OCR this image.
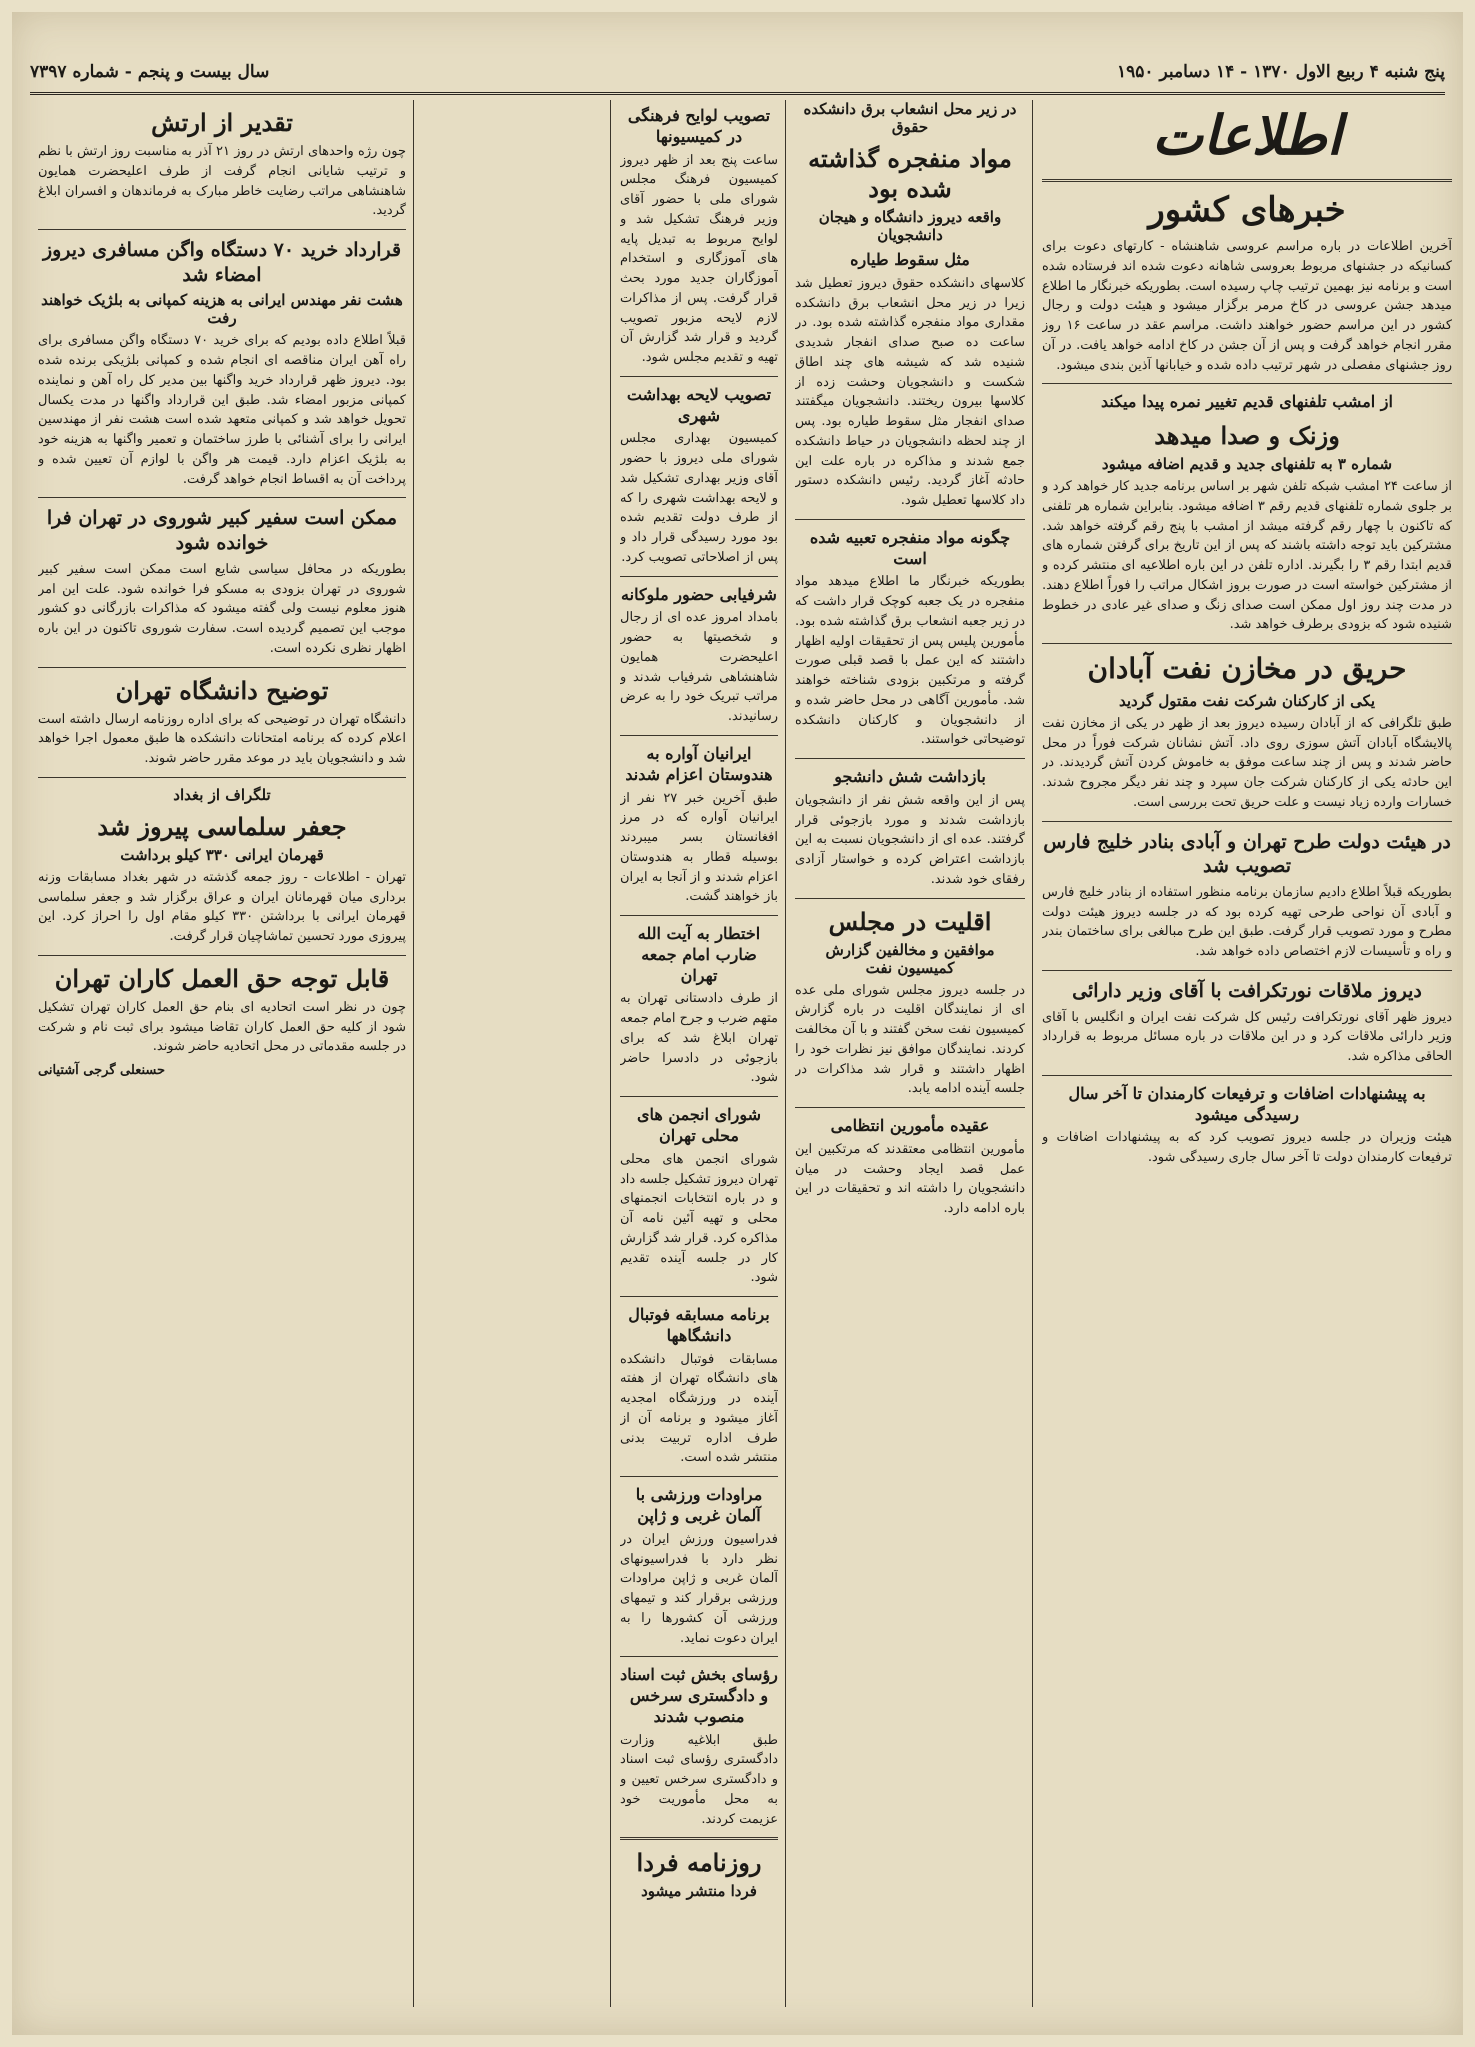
پنج شنبه ۴ ربیع الاول ۱۳۷۰ - ۱۴ دسامبر ۱۹۵۰
سال بیست و پنجم - شماره ۷۳۹۷
اطلاعات
خبرهای کشور

آخرین اطلاعات در باره مراسم عروسی شاهنشاه - کارتهای دعوت برای کسانیکه در جشنهای مربوط بعروسی شاهانه دعوت شده اند فرستاده شده است و برنامه نیز بهمین ترتیب چاپ رسیده است. بطوریکه خبرنگار ما اطلاع میدهد جشن عروسی در کاخ مرمر برگزار میشود و هیئت دولت و رجال کشور در این مراسم حضور خواهند داشت. مراسم عقد در ساعت ۱۶ روز مقرر انجام خواهد گرفت و پس از آن جشن در کاخ ادامه خواهد یافت. در آن روز جشنهای مفصلی در شهر ترتیب داده شده و خیابانها آذین بندی میشود.

از امشب تلفنهای قدیم تغییر نمره پیدا میکند
وزنک و صدا میدهد
شماره ۳ به تلفنهای جدید و قدیم اضافه میشود

از ساعت ۲۴ امشب شبکه تلفن شهر بر اساس برنامه جدید کار خواهد کرد و بر جلوی شماره تلفنهای قدیم رقم ۳ اضافه میشود. بنابراین شماره هر تلفنی که تاکنون با چهار رقم گرفته میشد از امشب با پنج رقم گرفته خواهد شد. مشترکین باید توجه داشته باشند که پس از این تاریخ برای گرفتن شماره های قدیم ابتدا رقم ۳ را بگیرند. اداره تلفن در این باره اطلاعیه ای منتشر کرده و از مشترکین خواسته است در صورت بروز اشکال مراتب را فوراً اطلاع دهند. در مدت چند روز اول ممکن است صدای زنگ و صدای غیر عادی در خطوط شنیده شود که بزودی برطرف خواهد شد.

حریق در مخازن نفت آبادان
یکی از کارکنان شرکت نفت مقتول گردید

طبق تلگرافی که از آبادان رسیده دیروز بعد از ظهر در یکی از مخازن نفت پالایشگاه آبادان آتش سوزی روی داد. آتش نشانان شرکت فوراً در محل حاضر شدند و پس از چند ساعت موفق به خاموش کردن آتش گردیدند. در این حادثه یکی از کارکنان شرکت جان سپرد و چند نفر دیگر مجروح شدند. خسارات وارده زیاد نیست و علت حریق تحت بررسی است.

در هیئت دولت طرح تهران و آبادی بنادر خلیج فارس تصویب شد

بطوریکه قبلاً اطلاع دادیم سازمان برنامه منظور استفاده از بنادر خلیج فارس و آبادی آن نواحی طرحی تهیه کرده بود که در جلسه دیروز هیئت دولت مطرح و مورد تصویب قرار گرفت. طبق این طرح مبالغی برای ساختمان بندر و راه و تأسیسات لازم اختصاص داده خواهد شد.

دیروز ملاقات نورتکرافت با آقای وزیر دارائی

دیروز ظهر آقای نورتکرافت رئیس کل شرکت نفت ایران و انگلیس با آقای وزیر دارائی ملاقات کرد و در این ملاقات در باره مسائل مربوط به قرارداد الحاقی مذاکره شد.

به پیشنهادات اضافات و ترفیعات کارمندان تا آخر سال رسیدگی میشود

هیئت وزیران در جلسه دیروز تصویب کرد که به پیشنهادات اضافات و ترفیعات کارمندان دولت تا آخر سال جاری رسیدگی شود.

در زیر محل انشعاب برق دانشکده حقوق
مواد منفجره گذاشته شده بود
واقعه دیروز دانشگاه و هیجان دانشجویان
مثل سقوط طیاره

کلاسهای دانشکده حقوق دیروز تعطیل شد زیرا در زیر محل انشعاب برق دانشکده مقداری مواد منفجره گذاشته شده بود. در ساعت ده صبح صدای انفجار شدیدی شنیده شد که شیشه های چند اطاق شکست و دانشجویان وحشت زده از کلاسها بیرون ریختند. دانشجویان میگفتند صدای انفجار مثل سقوط طیاره بود. پس از چند لحظه دانشجویان در حیاط دانشکده جمع شدند و مذاکره در باره علت این حادثه آغاز گردید. رئیس دانشکده دستور داد کلاسها تعطیل شود.

چگونه مواد منفجره تعبیه شده است

بطوریکه خبرنگار ما اطلاع میدهد مواد منفجره در یک جعبه کوچک قرار داشت که در زیر جعبه انشعاب برق گذاشته شده بود. مأمورین پلیس پس از تحقیقات اولیه اظهار داشتند که این عمل با قصد قبلی صورت گرفته و مرتکبین بزودی شناخته خواهند شد. مأمورین آگاهی در محل حاضر شده و از دانشجویان و کارکنان دانشکده توضیحاتی خواستند.

بازداشت شش دانشجو

پس از این واقعه شش نفر از دانشجویان بازداشت شدند و مورد بازجوئی قرار گرفتند. عده ای از دانشجویان نسبت به این بازداشت اعتراض کرده و خواستار آزادی رفقای خود شدند.

اقلیت در مجلس
موافقین و مخالفین گزارش کمیسیون نفت

در جلسه دیروز مجلس شورای ملی عده ای از نمایندگان اقلیت در باره گزارش کمیسیون نفت سخن گفتند و با آن مخالفت کردند. نمایندگان موافق نیز نظرات خود را اظهار داشتند و قرار شد مذاکرات در جلسه آینده ادامه یابد.

عقیده مأمورین انتظامی

مأمورین انتظامی معتقدند که مرتکبین این عمل قصد ایجاد وحشت در میان دانشجویان را داشته اند و تحقیقات در این باره ادامه دارد.

تصویب لوایح فرهنگی در کمیسیونها

ساعت پنج بعد از ظهر دیروز کمیسیون فرهنگ مجلس شورای ملی با حضور آقای وزیر فرهنگ تشکیل شد و لوایح مربوط به تبدیل پایه های آموزگاری و استخدام آموزگاران جدید مورد بحث قرار گرفت. پس از مذاکرات لازم لایحه مزبور تصویب گردید و قرار شد گزارش آن تهیه و تقدیم مجلس شود.

تصویب لایحه بهداشت شهری

کمیسیون بهداری مجلس شورای ملی دیروز با حضور آقای وزیر بهداری تشکیل شد و لایحه بهداشت شهری را که از طرف دولت تقدیم شده بود مورد رسیدگی قرار داد و پس از اصلاحاتی تصویب کرد.

شرفیابی حضور ملوکانه

بامداد امروز عده ای از رجال و شخصیتها به حضور اعلیحضرت همایون شاهنشاهی شرفیاب شدند و مراتب تبریک خود را به عرض رسانیدند.

ایرانیان آواره به هندوستان اعزام شدند

طبق آخرین خبر ۲۷ نفر از ایرانیان آواره که در مرز افغانستان بسر میبردند بوسیله قطار به هندوستان اعزام شدند و از آنجا به ایران باز خواهند گشت.

اختطار به آیت الله ضارب امام جمعه تهران

از طرف دادستانی تهران به متهم ضرب و جرح امام جمعه تهران ابلاغ شد که برای بازجوئی در دادسرا حاضر شود.

شورای انجمن های محلی تهران

شورای انجمن های محلی تهران دیروز تشکیل جلسه داد و در باره انتخابات انجمنهای محلی و تهیه آئین نامه آن مذاکره کرد. قرار شد گزارش کار در جلسه آینده تقدیم شود.

برنامه مسابقه فوتبال دانشگاهها

مسابقات فوتبال دانشکده های دانشگاه تهران از هفته آینده در ورزشگاه امجدیه آغاز میشود و برنامه آن از طرف اداره تربیت بدنی منتشر شده است.

مراودات ورزشی با آلمان غربی و ژاپن

فدراسیون ورزش ایران در نظر دارد با فدراسیونهای آلمان غربی و ژاپن مراودات ورزشی برقرار کند و تیمهای ورزشی آن کشورها را به ایران دعوت نماید.

رؤسای بخش ثبت اسناد و دادگستری سرخس منصوب شدند

طبق ابلاغیه وزارت دادگستری رؤسای ثبت اسناد و دادگستری سرخس تعیین و به محل مأموریت خود عزیمت کردند.

روزنامه فردا
فردا منتشر میشود
تقدیر از ارتش

چون رژه واحدهای ارتش در روز ۲۱ آذر به مناسبت روز ارتش با نظم و ترتیب شایانی انجام گرفت از طرف اعلیحضرت همایون شاهنشاهی مراتب رضایت خاطر مبارک به فرماندهان و افسران ابلاغ گردید.

قرارداد خرید ۷۰ دستگاه واگن مسافری دیروز امضاء شد
هشت نفر مهندس ایرانی به هزینه کمپانی به بلژیک خواهند رفت

قبلاً اطلاع داده بودیم که برای خرید ۷۰ دستگاه واگن مسافری برای راه آهن ایران مناقصه ای انجام شده و کمپانی بلژیکی برنده شده بود. دیروز ظهر قرارداد خرید واگنها بین مدیر کل راه آهن و نماینده کمپانی مزبور امضاء شد. طبق این قرارداد واگنها در مدت یکسال تحویل خواهد شد و کمپانی متعهد شده است هشت نفر از مهندسین ایرانی را برای آشنائی با طرز ساختمان و تعمیر واگنها به هزینه خود به بلژیک اعزام دارد. قیمت هر واگن با لوازم آن تعیین شده و پرداخت آن به اقساط انجام خواهد گرفت.

ممکن است سفیر کبیر شوروی در تهران فرا خوانده شود

بطوریکه در محافل سیاسی شایع است ممکن است سفیر کبیر شوروی در تهران بزودی به مسکو فرا خوانده شود. علت این امر هنوز معلوم نیست ولی گفته میشود که مذاکرات بازرگانی دو کشور موجب این تصمیم گردیده است. سفارت شوروی تاکنون در این باره اظهار نظری نکرده است.

توضیح دانشگاه تهران

دانشگاه تهران در توضیحی که برای اداره روزنامه ارسال داشته است اعلام کرده که برنامه امتحانات دانشکده ها طبق معمول اجرا خواهد شد و دانشجویان باید در موعد مقرر حاضر شوند.

تلگراف از بغداد
جعفر سلماسی پیروز شد
قهرمان ایرانی ۳۳۰ کیلو برداشت

تهران - اطلاعات - روز جمعه گذشته در شهر بغداد مسابقات وزنه برداری میان قهرمانان ایران و عراق برگزار شد و جعفر سلماسی قهرمان ایرانی با برداشتن ۳۳۰ کیلو مقام اول را احراز کرد. این پیروزی مورد تحسین تماشاچیان قرار گرفت.

قابل توجه حق العمل کاران تهران

چون در نظر است اتحادیه ای بنام حق العمل کاران تهران تشکیل شود از کلیه حق العمل کاران تقاضا میشود برای ثبت نام و شرکت در جلسه مقدماتی در محل اتحادیه حاضر شوند.

حسنعلی گرجی آشتیانی
